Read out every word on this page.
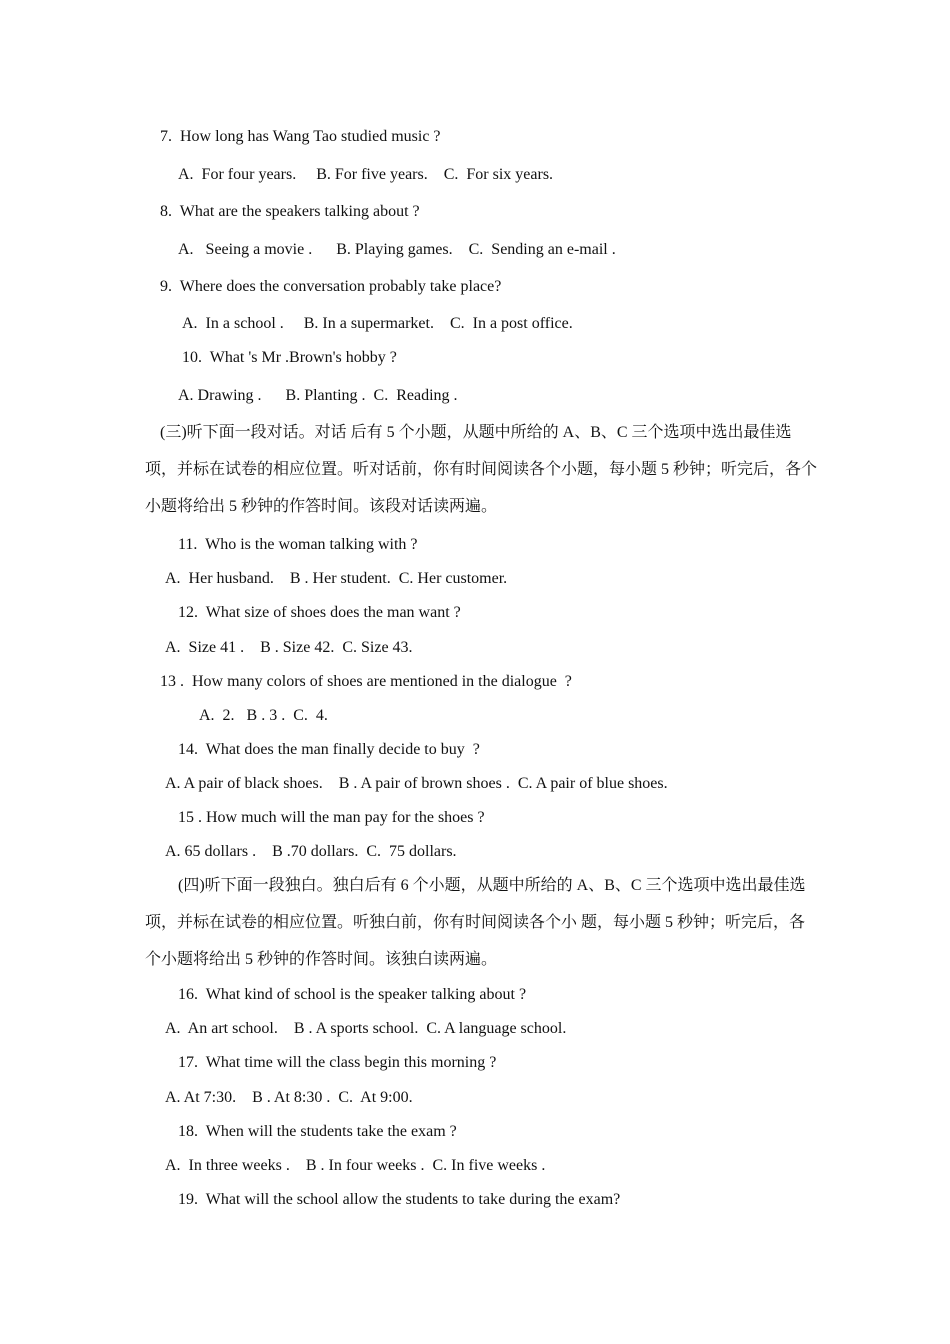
7.  How long has Wang Tao studied music ?
A.  For four years.     B. For five years.    C.  For six years.
8.  What are the speakers talking about ?
A.   Seeing a movie .      B. Playing games.    C.  Sending an e-mail .
9.  Where does the conversation probably take place?
A.  In a school .     B. In a supermarket.    C.  In a post office.
10.  What 's Mr .Brown's hobby ?
A. Drawing .      B. Planting .  C.  Reading .
(三)听下面一段对话。对话 后有 5 个小题，从题中所给的 A、B、C 三个选项中选出最佳选
项，并标在试卷的相应位置。听对话前，你有时间阅读各个小题，每小题 5 秒钟；听完后，各个
小题将给出 5 秒钟的作答时间。该段对话读两遍。
11.  Who is the woman talking with ?
A.  Her husband.    B . Her student.  C. Her customer.
12.  What size of shoes does the man want ?
A.  Size 41 .    B . Size 42.  C. Size 43.
13 .  How many colors of shoes are mentioned in the dialogue  ?
A.  2.   B . 3 .  C.  4.
14.  What does the man finally decide to buy  ?
A. A pair of black shoes.    B . A pair of brown shoes .  C. A pair of blue shoes.
15 . How much will the man pay for the shoes ?
A. 65 dollars .    B .70 dollars.  C.  75 dollars.
(四)听下面一段独白。独白后有 6 个小题，从题中所给的 A、B、C 三个选项中选出最佳选
项，并标在试卷的相应位置。听独白前，你有时间阅读各个小 题，每小题 5 秒钟；听完后，各
个小题将给出 5 秒钟的作答时间。该独白读两遍。
16.  What kind of school is the speaker talking about ?
A.  An art school.    B . A sports school.  C. A language school.
17.  What time will the class begin this morning ?
A. At 7:30.    B . At 8:30 .  C.  At 9:00.
18.  When will the students take the exam ?
A.  In three weeks .    B . In four weeks .  C. In five weeks .
19.  What will the school allow the students to take during the exam?
